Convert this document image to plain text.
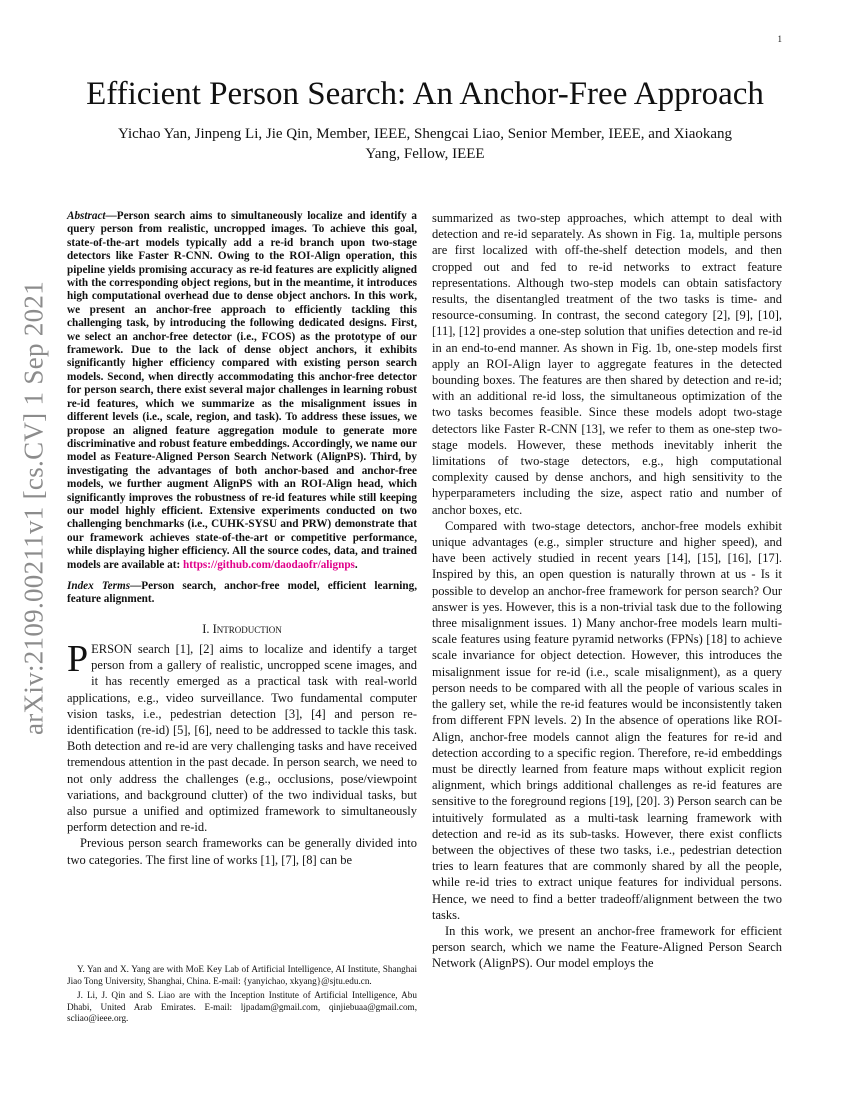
1
arXiv:2109.00211v1 [cs.CV] 1 Sep 2021
Efficient Person Search: An Anchor-Free Approach
Yichao Yan, Jinpeng Li, Jie Qin, Member, IEEE, Shengcai Liao, Senior Member, IEEE, and Xiaokang
Yang, Fellow, IEEE

Abstract—Person search aims to simultaneously localize and identify a query person from realistic, uncropped images. To achieve this goal, state-of-the-art models typically add a re-id branch upon two-stage detectors like Faster R-CNN. Owing to the ROI-Align operation, this pipeline yields promising accuracy as re-id features are explicitly aligned with the corresponding object regions, but in the meantime, it introduces high computational overhead due to dense object anchors. In this work, we present an anchor-free approach to efficiently tackling this challenging task, by introducing the following dedicated designs. First, we select an anchor-free detector (i.e., FCOS) as the prototype of our framework. Due to the lack of dense object anchors, it exhibits significantly higher efficiency compared with existing person search models. Second, when directly accommodating this anchor-free detector for person search, there exist several major challenges in learning robust re-id features, which we summarize as the misalignment issues in different levels (i.e., scale, region, and task). To address these issues, we propose an aligned feature aggregation module to generate more discriminative and robust feature embeddings. Accordingly, we name our model as Feature-Aligned Person Search Network (AlignPS). Third, by investigating the advantages of both anchor-based and anchor-free models, we further augment AlignPS with an ROI-Align head, which significantly improves the robustness of re-id features while still keeping our model highly efficient. Extensive experiments conducted on two challenging benchmarks (i.e., CUHK-SYSU and PRW) demonstrate that our framework achieves state-of-the-art or competitive performance, while displaying higher efficiency. All the source codes, data, and trained models are available at: https://github.com/daodaofr/alignps.

Index Terms—Person search, anchor-free model, efficient learning, feature alignment.

I. Introduction

PERSON search [1], [2] aims to localize and identify a target person from a gallery of realistic, uncropped scene images, and it has recently emerged as a practical task with real-world applications, e.g., video surveillance. Two fundamental computer vision tasks, i.e., pedestrian detection [3], [4] and person re-identification (re-id) [5], [6], need to be addressed to tackle this task. Both detection and re-id are very challenging tasks and have received tremendous attention in the past decade. In person search, we need to not only address the challenges (e.g., occlusions, pose/viewpoint variations, and background clutter) of the two individual tasks, but also pursue a unified and optimized framework to simultaneously perform detection and re-id.

Previous person search frameworks can be generally divided into two categories. The first line of works [1], [7], [8] can be

Y. Yan and X. Yang are with MoE Key Lab of Artificial Intelligence, AI Institute, Shanghai Jiao Tong University, Shanghai, China. E-mail: {yanyichao, xkyang}@sjtu.edu.cn.

J. Li, J. Qin and S. Liao are with the Inception Institute of Artificial Intelligence, Abu Dhabi, United Arab Emirates. E-mail: ljpadam@gmail.com, qinjiebuaa@gmail.com, scliao@ieee.org.

summarized as two-step approaches, which attempt to deal with detection and re-id separately. As shown in Fig. 1a, multiple persons are first localized with off-the-shelf detection models, and then cropped out and fed to re-id networks to extract feature representations. Although two-step models can obtain satisfactory results, the disentangled treatment of the two tasks is time- and resource-consuming. In contrast, the second category [2], [9], [10], [11], [12] provides a one-step solution that unifies detection and re-id in an end-to-end manner. As shown in Fig. 1b, one-step models first apply an ROI-Align layer to aggregate features in the detected bounding boxes. The features are then shared by detection and re-id; with an additional re-id loss, the simultaneous optimization of the two tasks becomes feasible. Since these models adopt two-stage detectors like Faster R-CNN [13], we refer to them as one-step two-stage models. However, these methods inevitably inherit the limitations of two-stage detectors, e.g., high computational complexity caused by dense anchors, and high sensitivity to the hyperparameters including the size, aspect ratio and number of anchor boxes, etc.

Compared with two-stage detectors, anchor-free models exhibit unique advantages (e.g., simpler structure and higher speed), and have been actively studied in recent years [14], [15], [16], [17]. Inspired by this, an open question is naturally thrown at us - Is it possible to develop an anchor-free framework for person search? Our answer is yes. However, this is a non-trivial task due to the following three misalignment issues. 1) Many anchor-free models learn multi-scale features using feature pyramid networks (FPNs) [18] to achieve scale invariance for object detection. However, this introduces the misalignment issue for re-id (i.e., scale misalignment), as a query person needs to be compared with all the people of various scales in the gallery set, while the re-id features would be inconsistently taken from different FPN levels. 2) In the absence of operations like ROI-Align, anchor-free models cannot align the features for re-id and detection according to a specific region. Therefore, re-id embeddings must be directly learned from feature maps without explicit region alignment, which brings additional challenges as re-id features are sensitive to the foreground regions [19], [20]. 3) Person search can be intuitively formulated as a multi-task learning framework with detection and re-id as its sub-tasks. However, there exist conflicts between the objectives of these two tasks, i.e., pedestrian detection tries to learn features that are commonly shared by all the people, while re-id tries to extract unique features for individual persons. Hence, we need to find a better tradeoff/alignment between the two tasks.

In this work, we present an anchor-free framework for efficient person search, which we name the Feature-Aligned Person Search Network (AlignPS). Our model employs the
